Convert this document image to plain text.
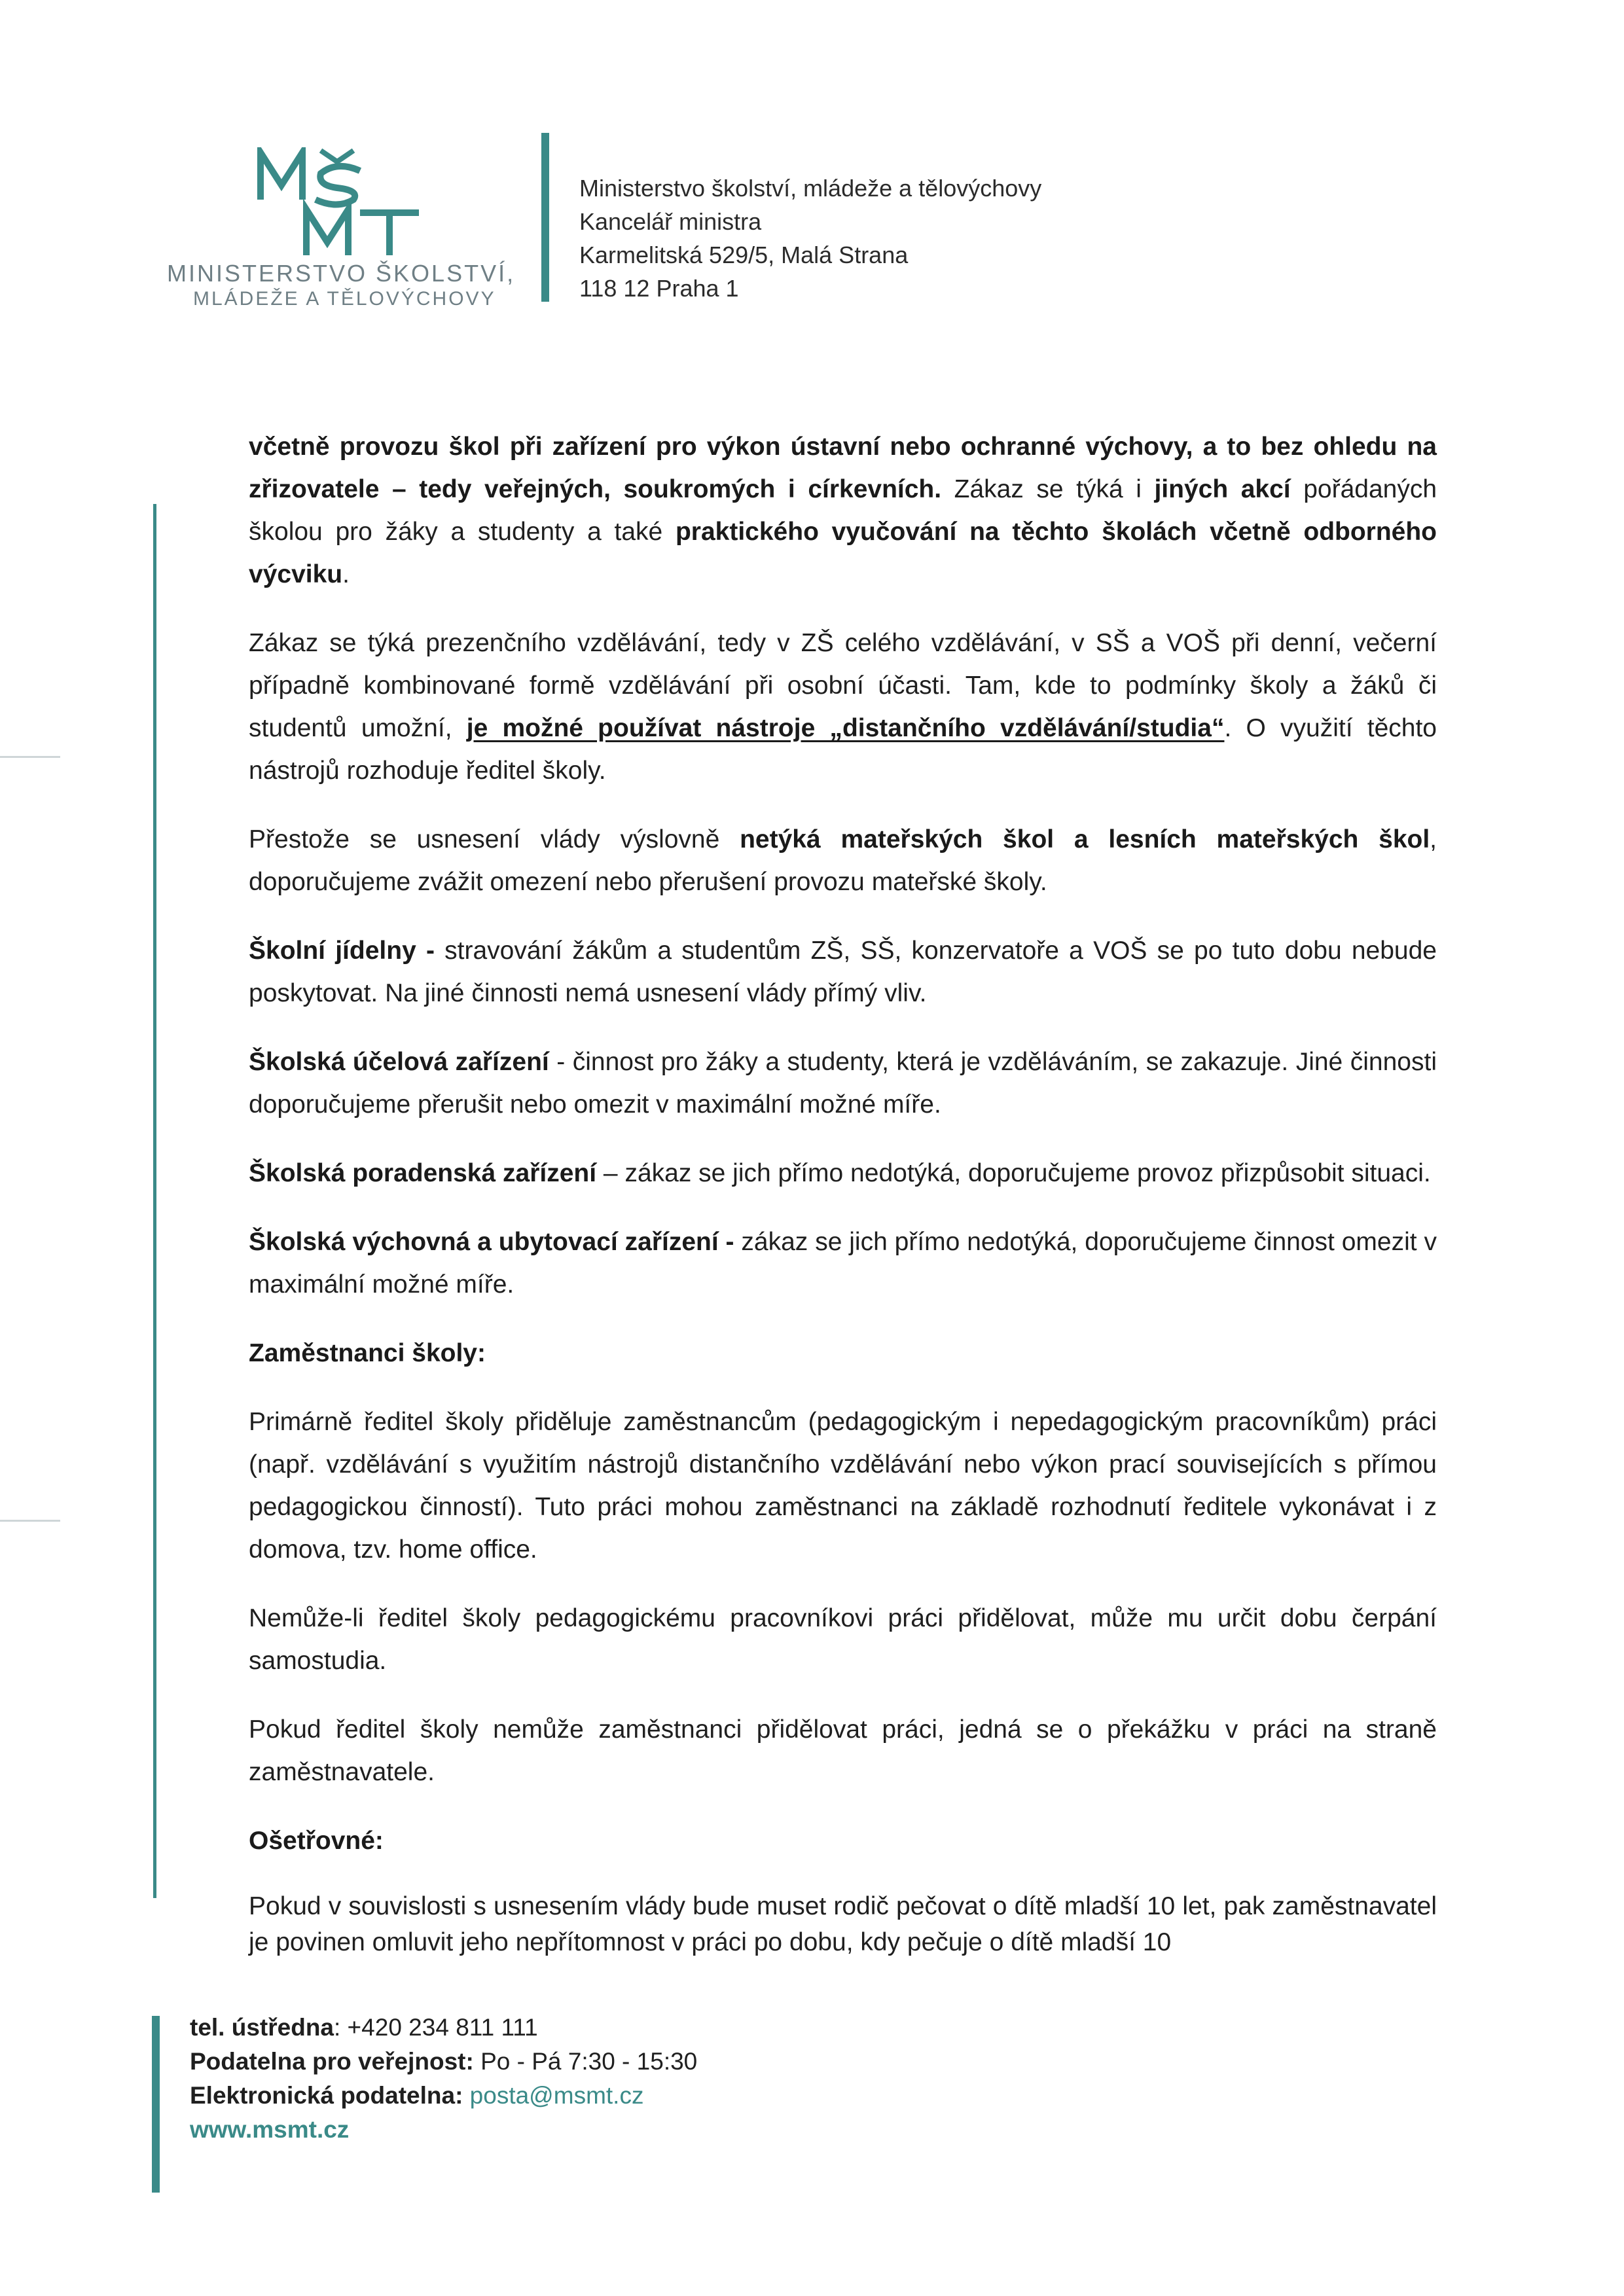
MINISTERSTVO ŠKOLSTVÍ,
MLÁDEŽE A TĚLOVÝCHOVY
Ministerstvo školství, mládeže a tělovýchovy
Kancelář ministra
Karmelitská 529/5, Malá Strana
118 12 Praha 1

včetně provozu škol při zařízení pro výkon ústavní nebo ochranné výchovy, a to bez ohledu na zřizovatele – tedy veřejných, soukromých i církevních. Zákaz se týká i jiných akcí pořádaných školou pro žáky a studenty a také praktického vyučování na těchto školách včetně odborného výcviku.

Zákaz se týká prezenčního vzdělávání, tedy v ZŠ celého vzdělávání, v SŠ a VOŠ při denní, večerní případně kombinované formě vzdělávání při osobní účasti. Tam, kde to podmínky školy a žáků či studentů umožní, je možné používat nástroje „distančního vzdělávání/studia“. O využití těchto nástrojů rozhoduje ředitel školy.

Přestože se usnesení vlády výslovně netýká mateřských škol a lesních mateřských škol, doporučujeme zvážit omezení nebo přerušení provozu mateřské školy.

Školní jídelny - stravování žákům a studentům ZŠ, SŠ, konzervatoře a VOŠ se po tuto dobu nebude poskytovat. Na jiné činnosti nemá usnesení vlády přímý vliv.

Školská účelová zařízení - činnost pro žáky a studenty, která je vzděláváním, se zakazuje. Jiné činnosti doporučujeme přerušit nebo omezit v maximální možné míře.

Školská poradenská zařízení – zákaz se jich přímo nedotýká, doporučujeme provoz přizpůsobit situaci.

Školská výchovná a ubytovací zařízení - zákaz se jich přímo nedotýká, doporučujeme činnost omezit v maximální možné míře.

Zaměstnanci školy:

Primárně ředitel školy přiděluje zaměstnancům (pedagogickým i nepedagogickým pracovníkům) práci (např. vzdělávání s využitím nástrojů distančního vzdělávání nebo výkon prací souvisejících s přímou pedagogickou činností). Tuto práci mohou zaměstnanci na základě rozhodnutí ředitele vykonávat i z domova, tzv. home office.

Nemůže-li ředitel školy pedagogickému pracovníkovi práci přidělovat, může mu určit dobu čerpání samostudia.

Pokud ředitel školy nemůže zaměstnanci přidělovat práci, jedná se o překážku v práci na straně zaměstnavatele.

Ošetřovné:

Pokud v souvislosti s usnesením vlády bude muset rodič pečovat o dítě mladší 10 let, pak zaměstnavatel je povinen omluvit jeho nepřítomnost v práci po dobu, kdy pečuje o dítě mladší 10

tel. ústředna: +420 234 811 111
Podatelna pro veřejnost: Po - Pá 7:30 - 15:30
Elektronická podatelna: posta@msmt.cz
www.msmt.cz
